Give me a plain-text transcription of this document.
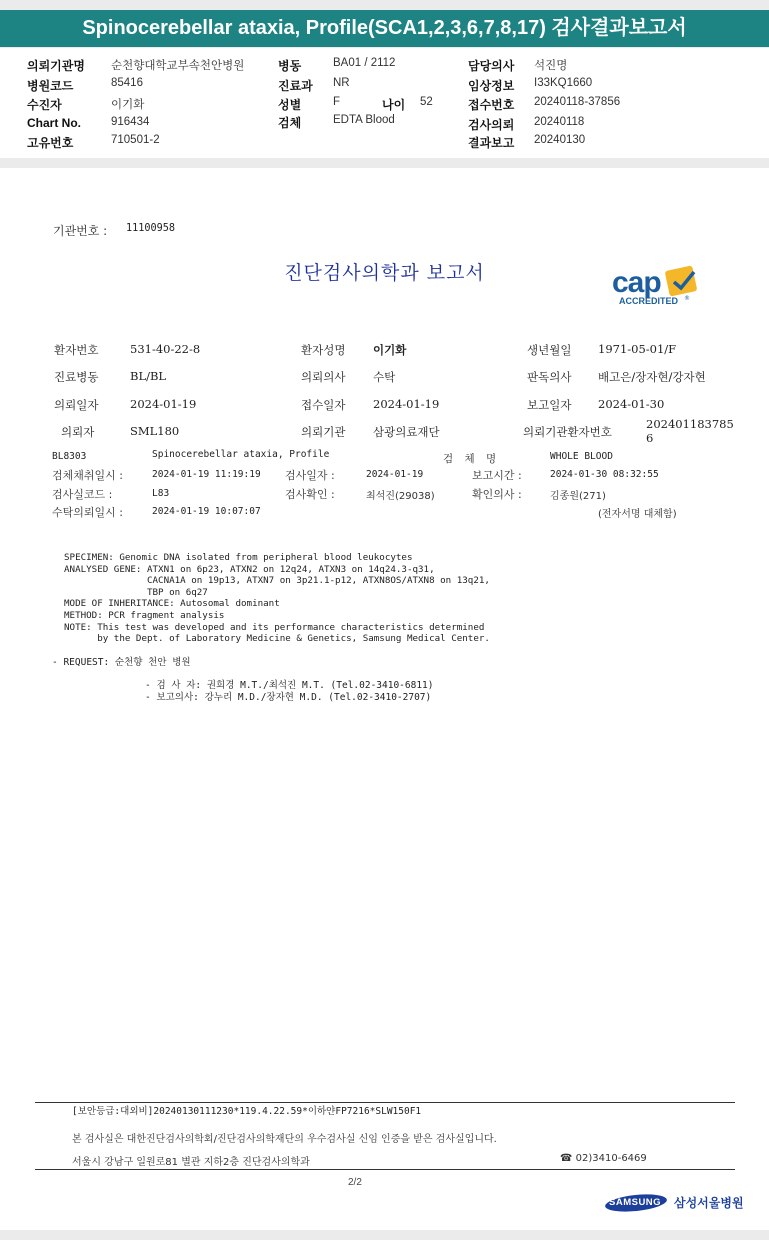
Spinocerebellar ataxia, Profile(SCA1,2,3,6,7,8,17) 검사결과보고서
의뢰기관명 순천향대학교부속천안병원
병원코드	85416
수진자	이기화
Chart No.	916434
고유번호	710501-2
병동	BA01 / 2112
진료과 NR
성별	F	나이 52
검체	EDTA Blood
담당의사 석진명
임상정보 I33KQ1660
접수번호 20240118-37856
검사의뢰 20240118
결과보고 20240130
기관번호 : 11100958
진단검사의학과 보고서	cap
ACCREDITED ®
환자번호	531-40-22-8	환자성명 이기화	생년월일 1971-05-01/F
진료병동	BL/BL	의뢰의사 수탁	판독의사 배고은/장자현/강자현
의뢰일자	2024-01-19	접수일자 2024-01-19	보고일자 2024-01-30
의뢰자	SML180	의뢰기관 삼광의료재단	의뢰기관환자번호
202401183785
6
BL8303	Spinocerebellar ataxia, Profile	검 체 명	WHOLE BLOOD
검체채취일시 :	2024-01-19 11:19:19 검사일자 :	2024-01-19	보고시간 :	2024-01-30 08:32:55
검사실코드 :	L83	검사확인 :	최석진(29038)	확인의사 :	김종원(271)
수탁의뢰일시 :	2024-01-19 10:07:07	(전자서명 대체함)
SPECIMEN: Genomic DNA isolated from peripheral blood leukocytes
ANALYSED GENE: ATXN1 on 6p23, ATXN2 on 12q24, ATXN3 on 14q24.3-q31,
CACNA1A on 19p13, ATXN7 on 3p21.1-p12, ATXN8OS/ATXN8 on 13q21,
TBP on 6q27
MODE OF INHERITANCE: Autosomal dominant
METHOD: PCR fragment analysis
NOTE: This test was developed and its performance characteristics determined
by the Dept. of Laboratory Medicine & Genetics, Samsung Medical Center.
- REQUEST: 순천향 천안 병원
- 검 사 자: 권희경 M.T./최석진 M.T. (Tel.02-3410-6811)
- 보고의사: 강누리 M.D./장자현 M.D. (Tel.02-3410-2707)
[보안등급:대외비]20240130111230*119.4.22.59*이하얀FP7216*SLW150F1
본 검사실은 대한진단검사의학회/진단검사의학재단의 우수검사실 신임 인증을 받은 검사실입니다.
서울시 강남구 일원로81 별관 지하2층 진단검사의학과	☎ 02)3410-6469
2/2
SAMSUNG 삼성서울병원
